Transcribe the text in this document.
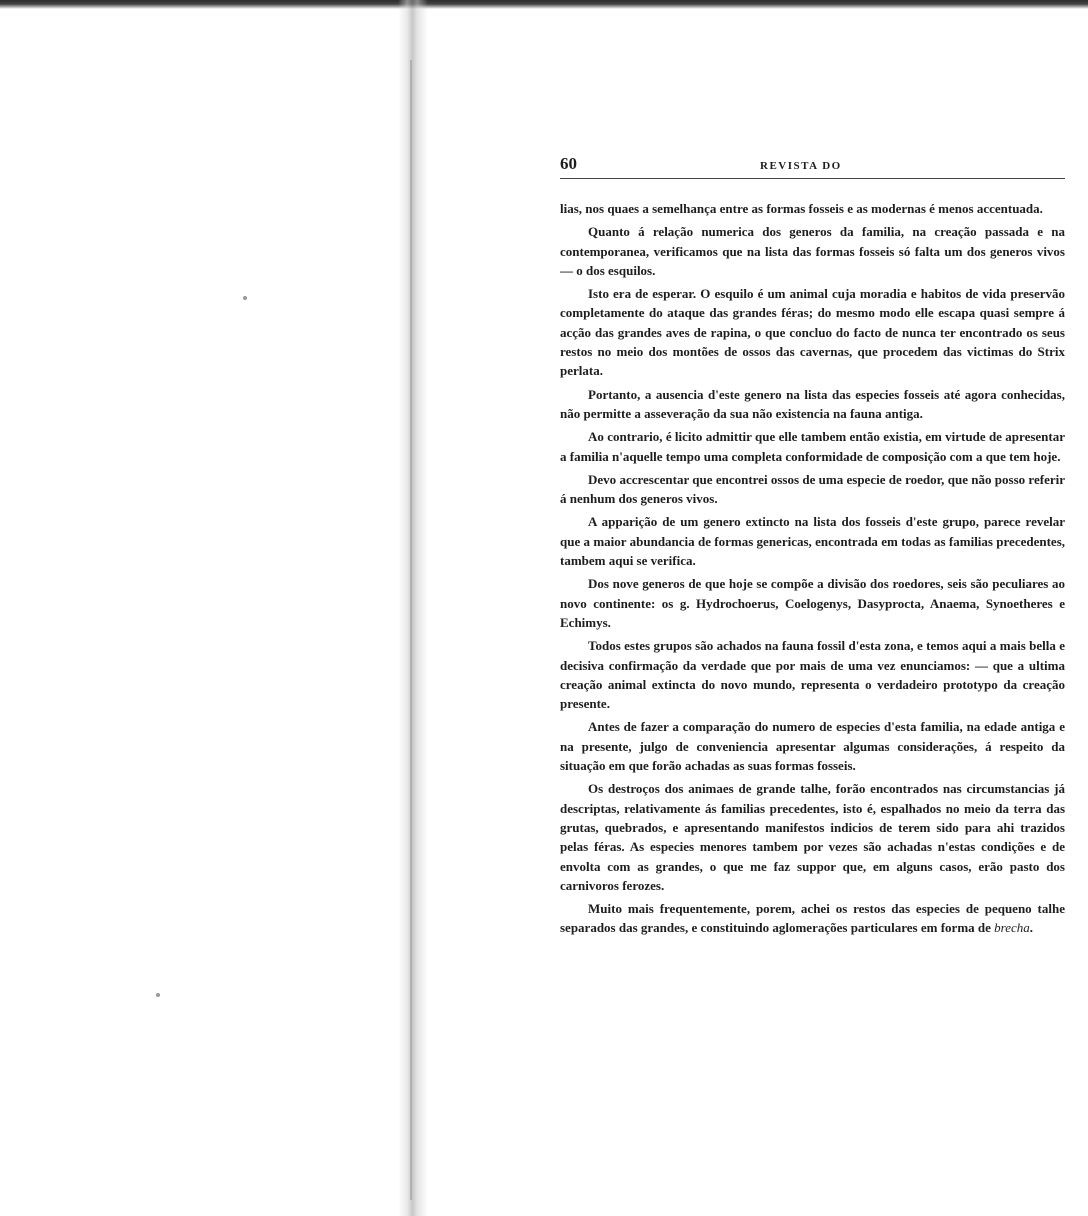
60	REVISTA DO

lias, nos quaes a semelhança entre as formas fosseis e as modernas é menos accentuada.

Quanto á relação numerica dos generos da familia, na creação passada e na contemporanea, verificamos que na lista das formas fosseis só falta um dos generos vivos — o dos esquilos.

Isto era de esperar. O esquilo é um animal cuja moradia e habitos de vida preservão completamente do ataque das grandes féras; do mesmo modo elle escapa quasi sempre á acção das grandes aves de rapina, o que concluo do facto de nunca ter encontrado os seus restos no meio dos montões de ossos das cavernas, que procedem das victimas do Strix perlata.

Portanto, a ausencia d'este genero na lista das especies fosseis até agora conhecidas, não permitte a asseveração da sua não existencia na fauna antiga.

Ao contrario, é licito admittir que elle tambem então existia, em virtude de apresentar a familia n'aquelle tempo uma completa conformidade de composição com a que tem hoje.

Devo accrescentar que encontrei ossos de uma especie de roedor, que não posso referir á nenhum dos generos vivos.

A apparição de um genero extincto na lista dos fosseis d'este grupo, parece revelar que a maior abundancia de formas genericas, encontrada em todas as familias precedentes, tambem aqui se verifica.

Dos nove generos de que hoje se compõe a divisão dos roedores, seis são peculiares ao novo continente: os g. Hydrochoerus, Coelogenys, Dasyprocta, Anaema, Synoetheres e Echimys.

Todos estes grupos são achados na fauna fossil d'esta zona, e temos aqui a mais bella e decisiva confirmação da verdade que por mais de uma vez enunciamos: — que a ultima creação animal extincta do novo mundo, representa o verdadeiro prototypo da creação presente.

Antes de fazer a comparação do numero de especies d'esta familia, na edade antiga e na presente, julgo de conveniencia apresentar algumas considerações, á respeito da situação em que forão achadas as suas formas fosseis.

Os destroços dos animaes de grande talhe, forão encontrados nas circumstancias já descriptas, relativamente ás familias precedentes, isto é, espalhados no meio da terra das grutas, quebrados, e apresentando manifestos indicios de terem sido para ahi trazidos pelas féras. As especies menores tambem por vezes são achadas n'estas condições e de envolta com as grandes, o que me faz suppor que, em alguns casos, erão pasto dos carnivoros ferozes.

Muito mais frequentemente, porem, achei os restos das especies de pequeno talhe separados das grandes, e constituindo aglomerações particulares em forma de brecha.
